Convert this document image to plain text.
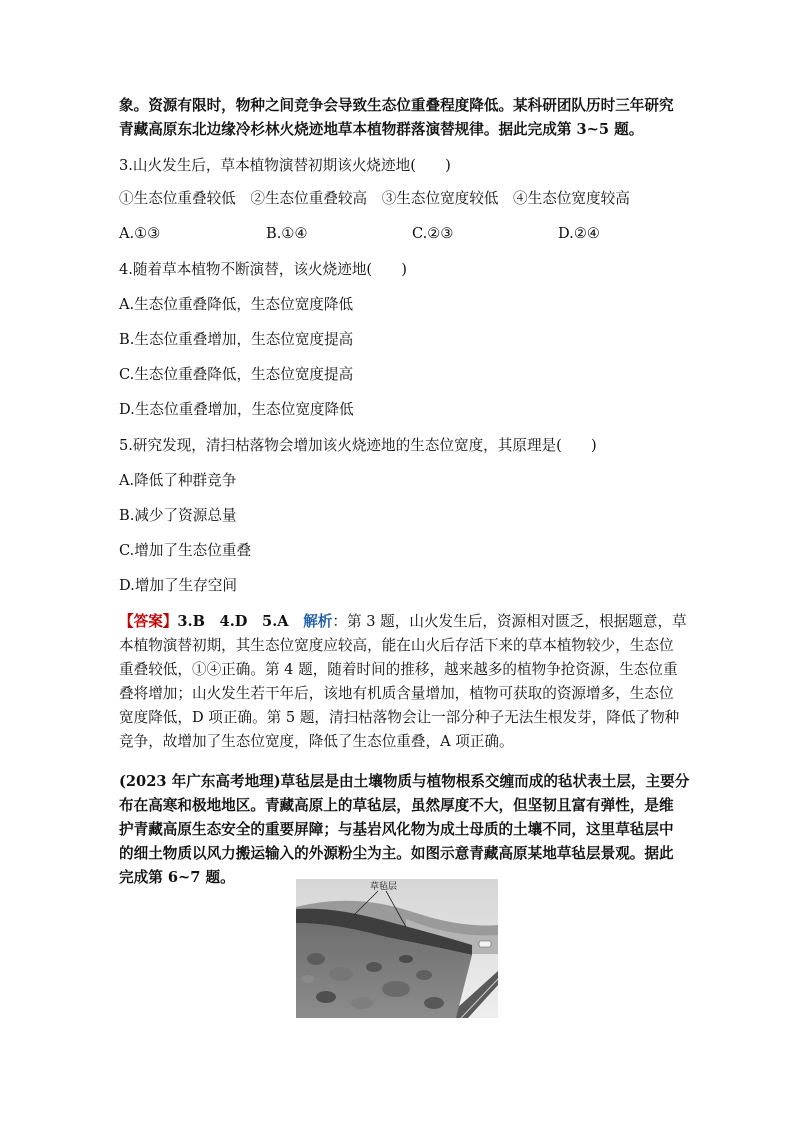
象。资源有限时，物种之间竞争会导致生态位重叠程度降低。某科研团队历时三年研究
青藏高原东北边缘冷杉林火烧迹地草本植物群落演替规律。据此完成第 3~5 题。
3.山火发生后，草本植物演替初期该火烧迹地(　　)
①生态位重叠较低　②生态位重叠较高　③生态位宽度较低　④生态位宽度较高
A.①③	B.①④	C.②③	D.②④
4.随着草本植物不断演替，该火烧迹地(　　)
A.生态位重叠降低，生态位宽度降低
B.生态位重叠增加，生态位宽度提高
C.生态位重叠降低，生态位宽度提高
D.生态位重叠增加，生态位宽度降低
5.研究发现，清扫枯落物会增加该火烧迹地的生态位宽度，其原理是(　　)
A.降低了种群竞争
B.减少了资源总量
C.增加了生态位重叠
D.增加了生存空间
【答案】3.B　4.D　5.A　解析：第 3 题，山火发生后，资源相对匮乏，根据题意，草
本植物演替初期，其生态位宽度应较高，能在山火后存活下来的草本植物较少，生态位
重叠较低，①④正确。第 4 题，随着时间的推移，越来越多的植物争抢资源，生态位重
叠将增加；山火发生若干年后，该地有机质含量增加，植物可获取的资源增多，生态位
宽度降低，D 项正确。第 5 题，清扫枯落物会让一部分种子无法生根发芽，降低了物种
竞争，故增加了生态位宽度，降低了生态位重叠，A 项正确。
(2023 年广东高考地理)草毡层是由土壤物质与植物根系交缠而成的毡状表土层，主要分
布在高寒和极地地区。青藏高原上的草毡层，虽然厚度不大，但坚韧且富有弹性，是维
护青藏高原生态安全的重要屏障；与基岩风化物为成土母质的土壤不同，这里草毡层中
的细土物质以风力搬运输入的外源粉尘为主。如图示意青藏高原某地草毡层景观。据此
完成第 6~7 题。
草毡层
